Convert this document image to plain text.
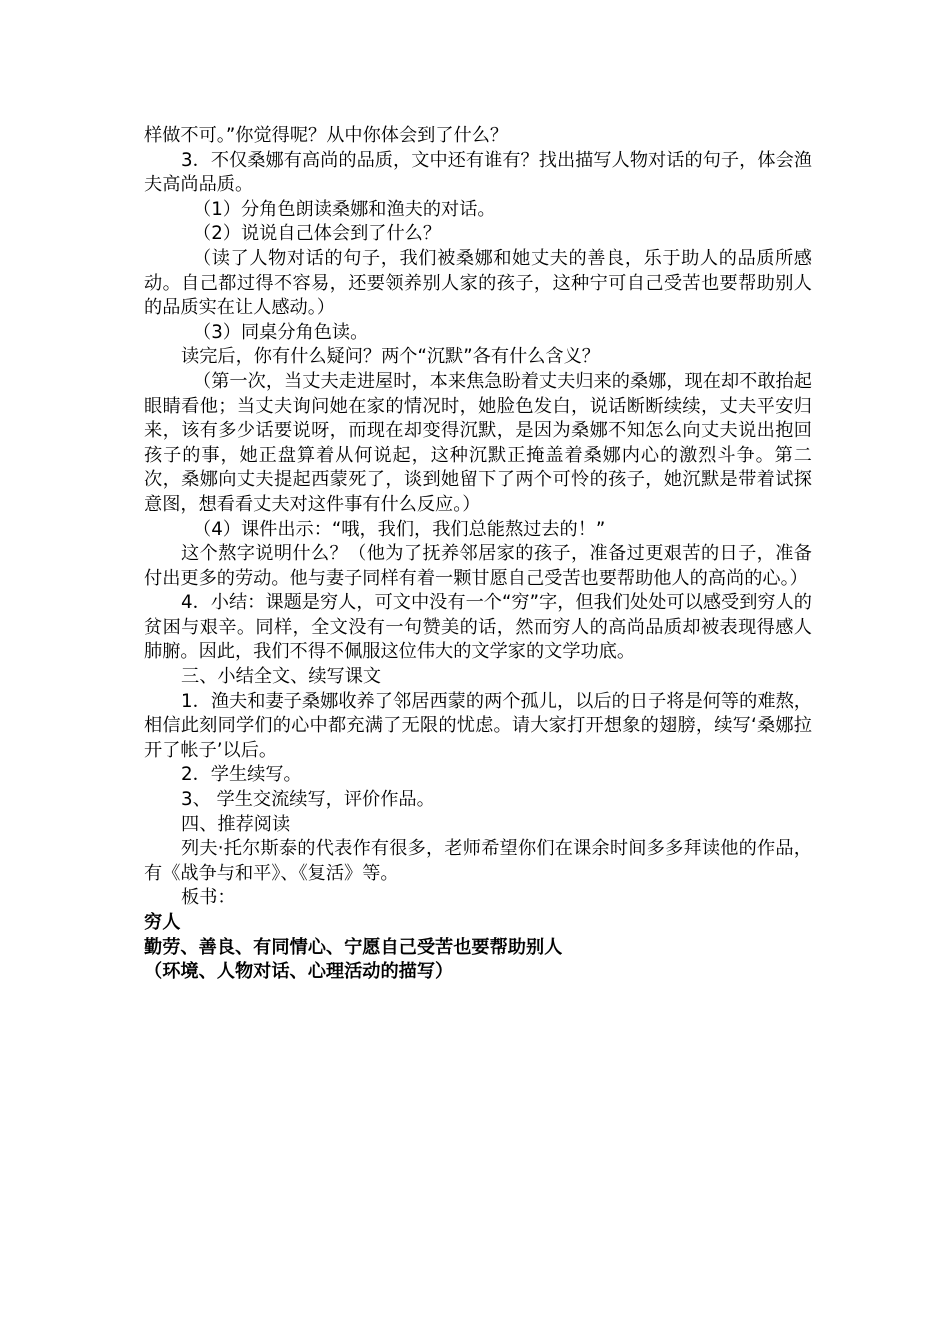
样做不可。”你觉得呢？从中你体会到了什么？

3．不仅桑娜有高尚的品质，文中还有谁有？找出描写人物对话的句子，体会渔夫高尚品质。

（1）分角色朗读桑娜和渔夫的对话。

（2）说说自己体会到了什么？

（读了人物对话的句子，我们被桑娜和她丈夫的善良，乐于助人的品质所感动。自己都过得不容易，还要领养别人家的孩子，这种宁可自己受苦也要帮助别人的品质实在让人感动。）

（3）同桌分角色读。

读完后，你有什么疑问？两个“沉默”各有什么含义？

（第一次，当丈夫走进屋时，本来焦急盼着丈夫归来的桑娜，现在却不敢抬起眼睛看他；当丈夫询问她在家的情况时，她脸色发白，说话断断续续，丈夫平安归来，该有多少话要说呀，而现在却变得沉默，是因为桑娜不知怎么向丈夫说出抱回孩子的事，她正盘算着从何说起，这种沉默正掩盖着桑娜内心的激烈斗争。第二次，桑娜向丈夫提起西蒙死了，谈到她留下了两个可怜的孩子，她沉默是带着试探意图，想看看丈夫对这件事有什么反应。）

（4）课件出示：“哦，我们，我们总能熬过去的！”

这个熬字说明什么？（他为了抚养邻居家的孩子，准备过更艰苦的日子，准备付出更多的劳动。他与妻子同样有着一颗甘愿自己受苦也要帮助他人的高尚的心。）

4．小结：课题是穷人，可文中没有一个“穷”字，但我们处处可以感受到穷人的贫困与艰辛。同样，全文没有一句赞美的话，然而穷人的高尚品质却被表现得感人肺腑。因此，我们不得不佩服这位伟大的文学家的文学功底。

三、小结全文、续写课文

1．渔夫和妻子桑娜收养了邻居西蒙的两个孤儿，以后的日子将是何等的难熬，相信此刻同学们的心中都充满了无限的忧虑。请大家打开想象的翅膀，续写‘桑娜拉开了帐子’以后。

2．学生续写。

3、 学生交流续写，评价作品。

四、推荐阅读

列夫·托尔斯泰的代表作有很多，老师希望你们在课余时间多多拜读他的作品，有《战争与和平》、《复活》等。

板书：

穷人

勤劳、善良、有同情心、宁愿自己受苦也要帮助别人

（环境、人物对话、心理活动的描写）
